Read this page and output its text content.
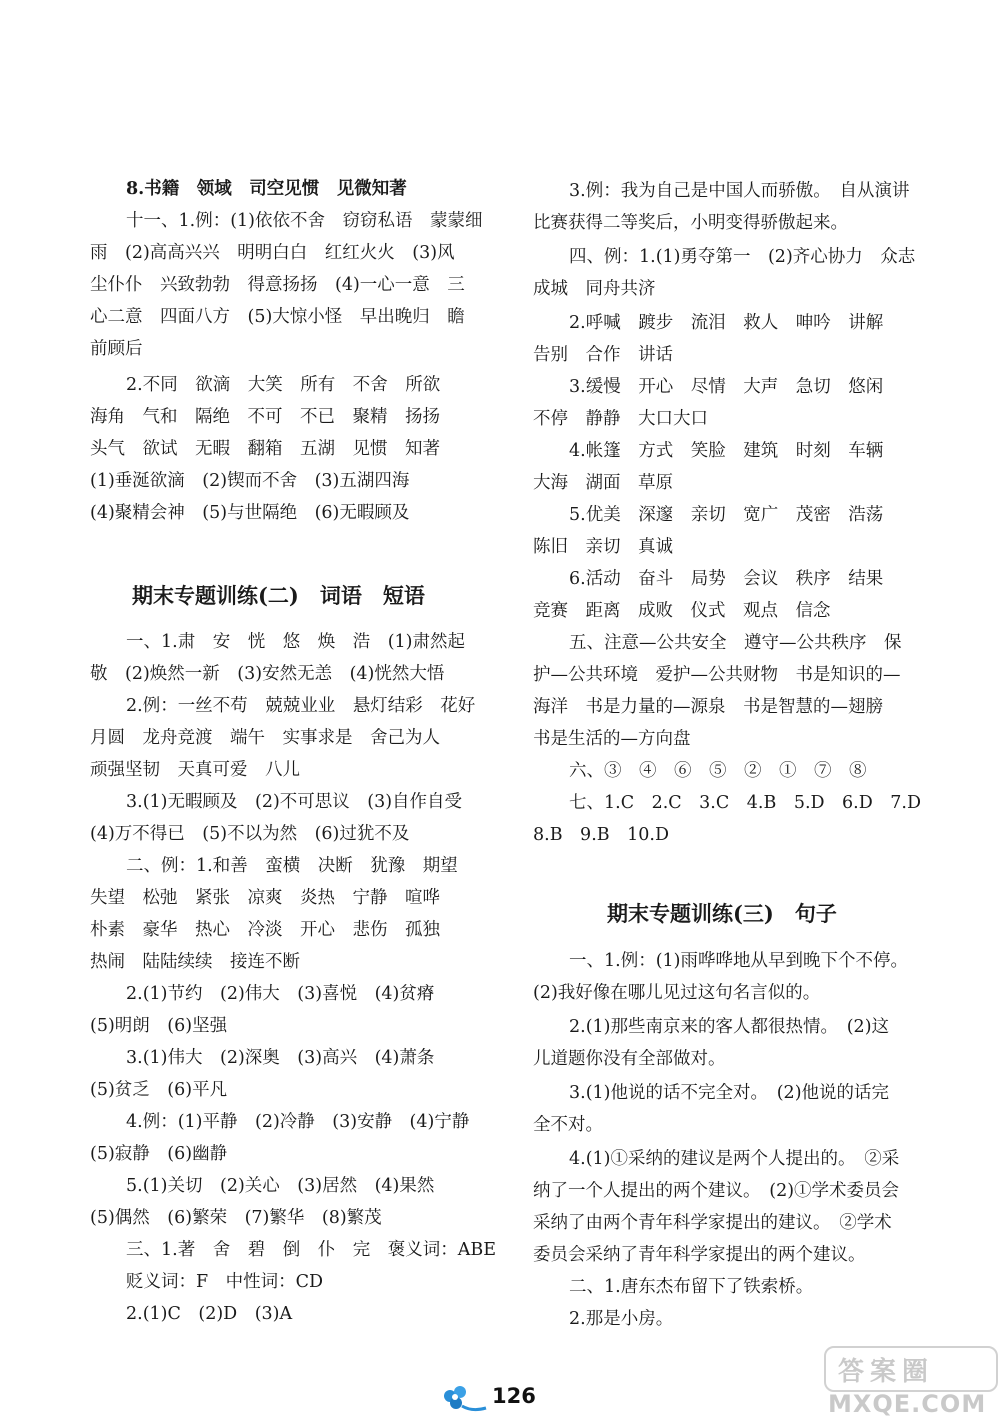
8.书籍　领域　司空见惯　见微知著
十一、1.例：(1)依依不舍　窃窃私语　蒙蒙细
雨　(2)高高兴兴　明明白白　红红火火　(3)风
尘仆仆　兴致勃勃　得意扬扬　(4)一心一意　三
心二意　四面八方　(5)大惊小怪　早出晚归　瞻
前顾后
2.不同　欲滴　大笑　所有　不舍　所欲
海角　气和　隔绝　不可　不已　聚精　扬扬
头气　欲试　无暇　翻箱　五湖　见惯　知著
(1)垂涎欲滴　(2)锲而不舍　(3)五湖四海
(4)聚精会神　(5)与世隔绝　(6)无暇顾及
期末专题训练(二)　词语　短语
一、1.肃　安　恍　悠　焕　浩　(1)肃然起
敬　(2)焕然一新　(3)安然无恙　(4)恍然大悟
2.例：一丝不苟　兢兢业业　悬灯结彩　花好
月圆　龙舟竞渡　端午　实事求是　舍己为人
顽强坚韧　天真可爱　八儿
3.(1)无暇顾及　(2)不可思议　(3)自作自受
(4)万不得已　(5)不以为然　(6)过犹不及
二、例：1.和善　蛮横　决断　犹豫　期望
失望　松弛　紧张　凉爽　炎热　宁静　喧哗
朴素　豪华　热心　冷淡　开心　悲伤　孤独
热闹　陆陆续续　接连不断
2.(1)节约　(2)伟大　(3)喜悦　(4)贫瘠
(5)明朗　(6)坚强
3.(1)伟大　(2)深奥　(3)高兴　(4)萧条
(5)贫乏　(6)平凡
4.例：(1)平静　(2)冷静　(3)安静　(4)宁静
(5)寂静　(6)幽静
5.(1)关切　(2)关心　(3)居然　(4)果然
(5)偶然　(6)繁荣　(7)繁华　(8)繁茂
三、1.著　舍　碧　倒　仆　完　褒义词：ABE
贬义词：F　中性词：CD
2.(1)C　(2)D　(3)A
3.例：我为自己是中国人而骄傲。　自从演讲
比赛获得二等奖后，小明变得骄傲起来。
四、例：1.(1)勇夺第一　(2)齐心协力　众志
成城　同舟共济
2.呼喊　踱步　流泪　救人　呻吟　讲解
告别　合作　讲话
3.缓慢　开心　尽情　大声　急切　悠闲
不停　静静　大口大口
4.帐篷　方式　笑脸　建筑　时刻　车辆
大海　湖面　草原
5.优美　深邃　亲切　宽广　茂密　浩荡
陈旧　亲切　真诚
6.活动　奋斗　局势　会议　秩序　结果
竞赛　距离　成败　仪式　观点　信念
五、注意—公共安全　遵守—公共秩序　保
护—公共环境　爱护—公共财物　书是知识的—
海洋　书是力量的—源泉　书是智慧的—翅膀
书是生活的—方向盘
六、③　④　⑥　⑤　②　①　⑦　⑧
七、1.C　2.C　3.C　4.B　5.D　6.D　7.D
8.B　9.B　10.D
期末专题训练(三)　句子
一、1.例：(1)雨哗哗地从早到晚下个不停。
(2)我好像在哪儿见过这句名言似的。
2.(1)那些南京来的客人都很热情。　(2)这
儿道题你没有全部做对。
3.(1)他说的话不完全对。　(2)他说的话完
全不对。
4.(1)①采纳的建议是两个人提出的。　②采
纳了一个人提出的两个建议。　(2)①学术委员会
采纳了由两个青年科学家提出的建议。　②学术
委员会采纳了青年科学家提出的两个建议。
二、1.唐东杰布留下了铁索桥。
2.那是小房。
126
答案圈
MXQE.COM
